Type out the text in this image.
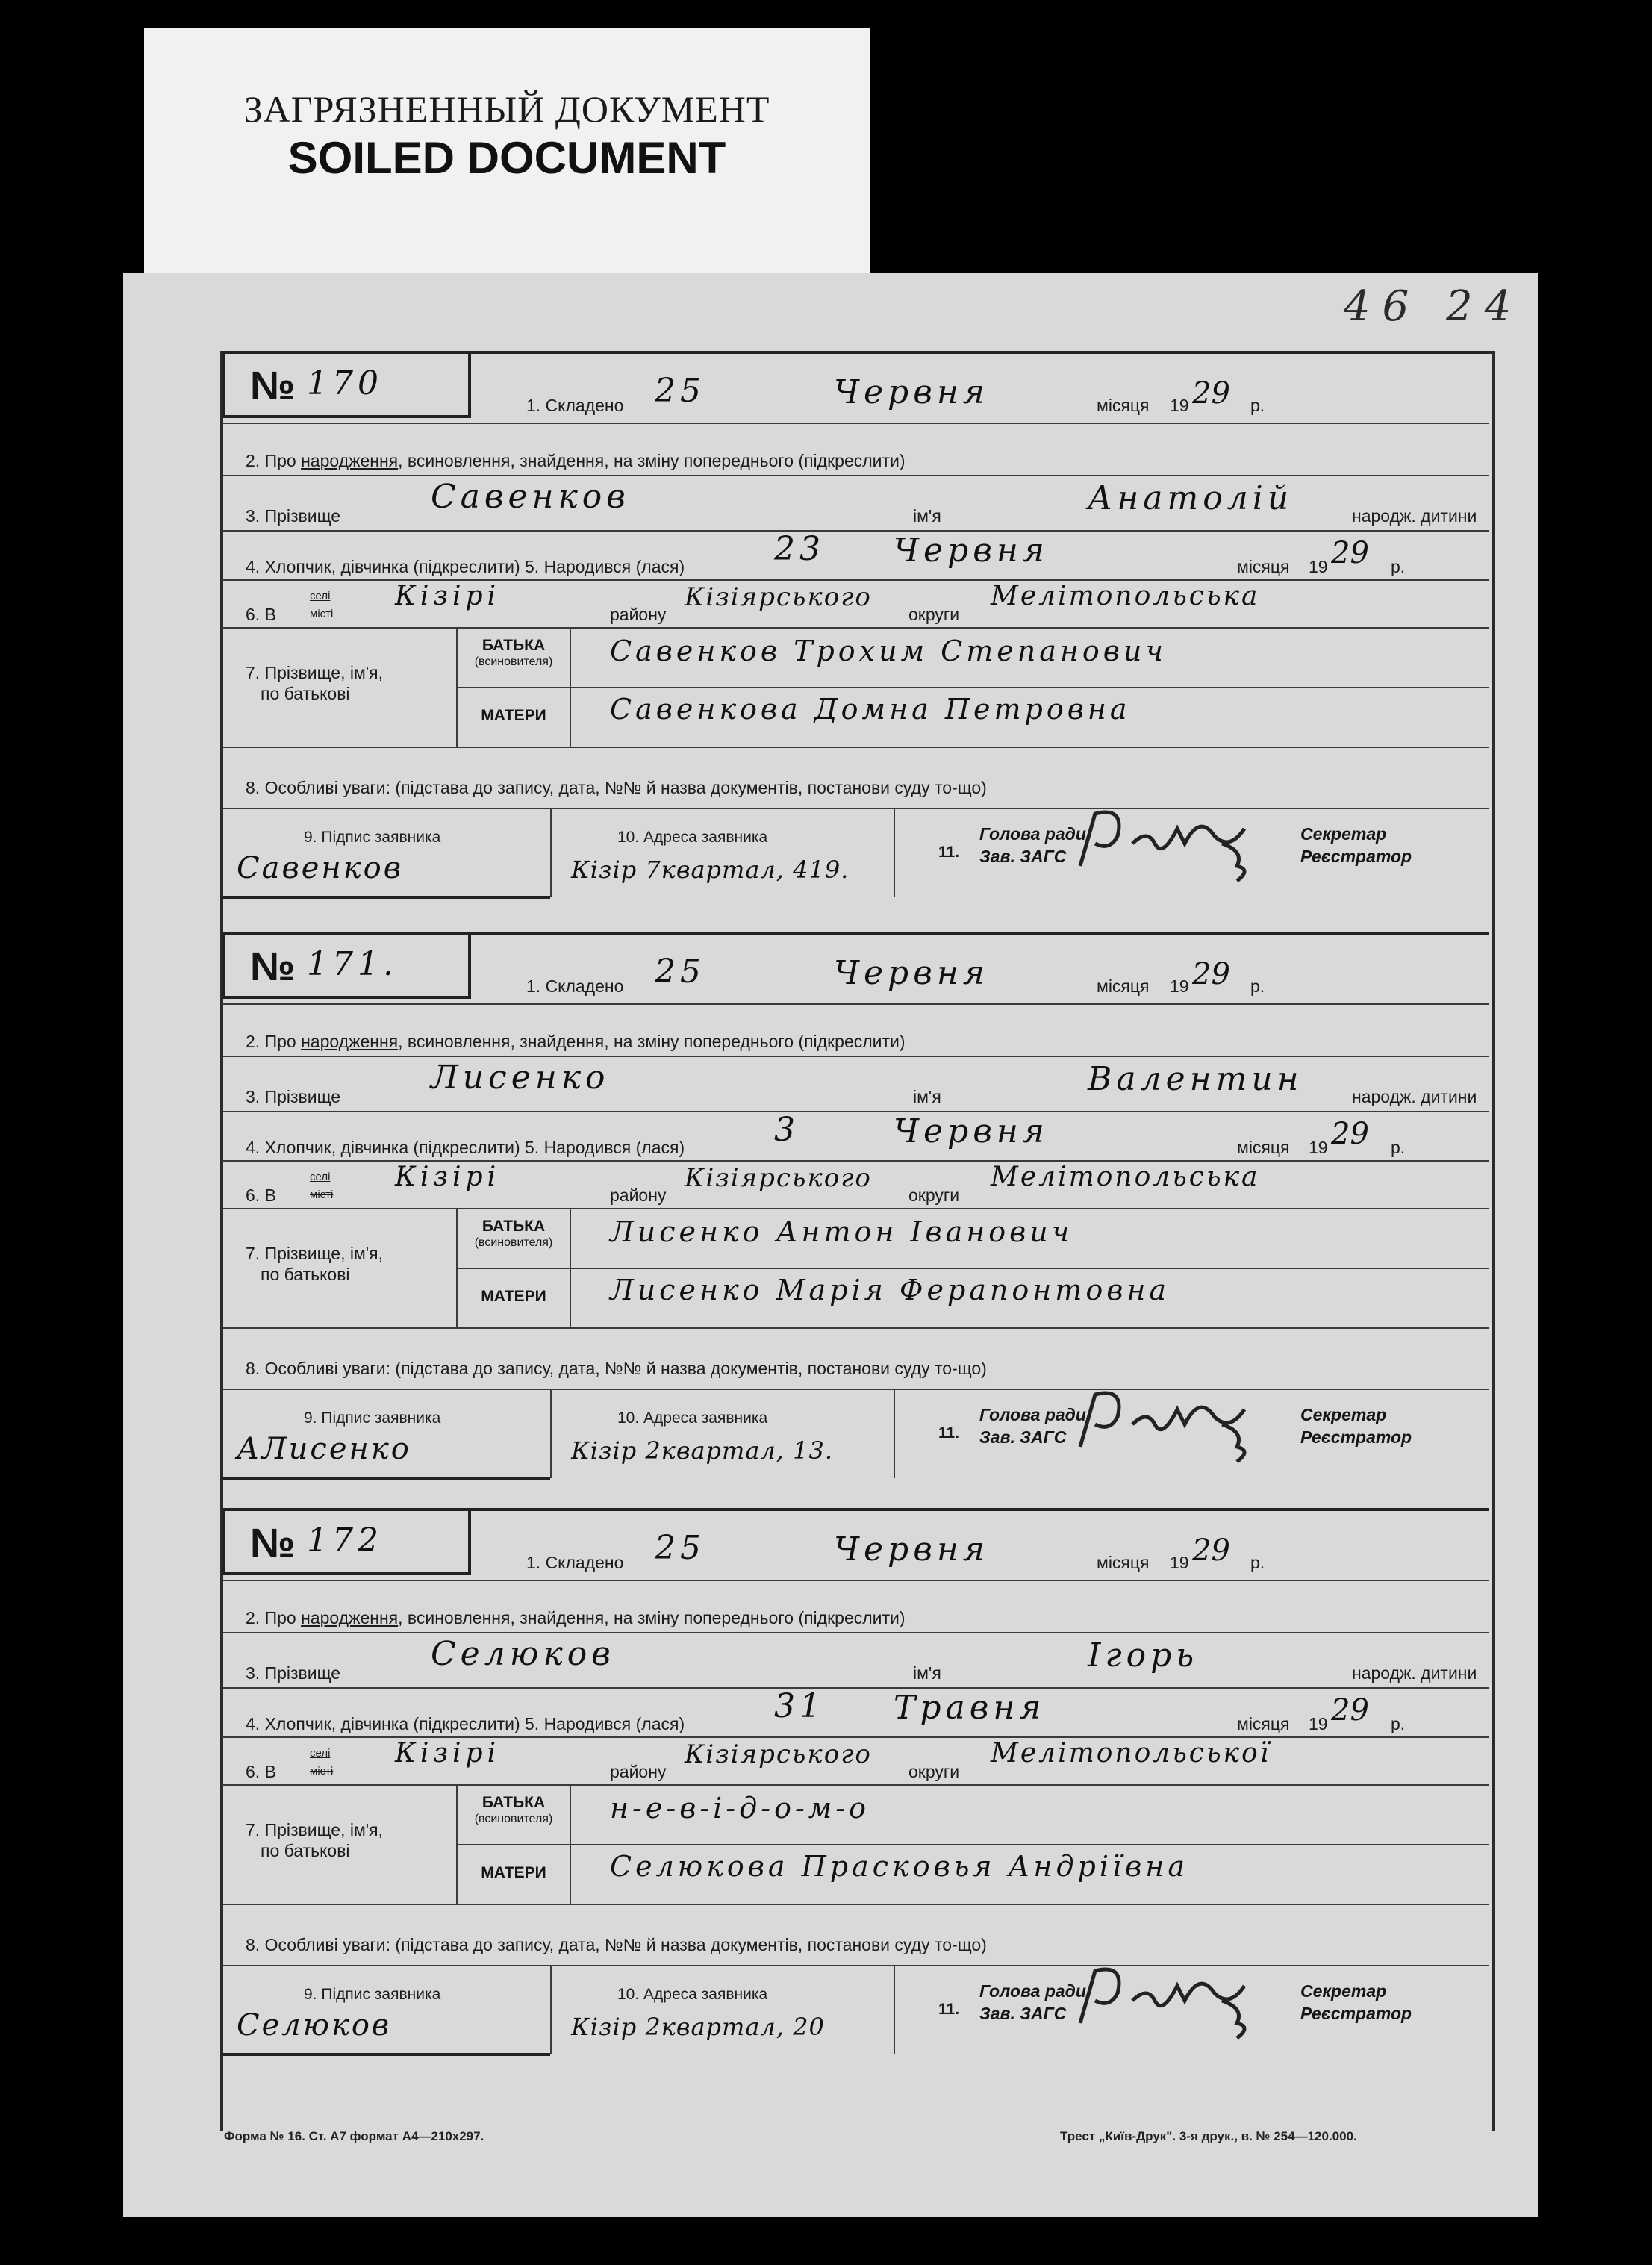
ЗАГРЯЗНЕННЫЙ ДОКУМЕНТ
SOILED DOCUMENT
46 24
№ 170
1. Складено 25	Червня	місяця 19 29 р.
2. Про народження, всиновлення, знайдення, на зміну попереднього (підкреслити)
3. Прізвище	Савенков	ім'я	Анатолій	народж. дитини
4. Хлопчик, дівчинка (підкреслити) 5. Народився (лася)	23 Червня	місяця 19 29 р.
6. В
селі
місті
Кізірі
району
Кізіярського
округи
Мелітопольська
7. Прізвище, ім'я,
по батькові
БАТЬКА
(всиновителя)	Савенков Трохим Степанович
МАТЕРИ	Савенкова Домна Петровна
8. Особливі уваги: (підстава до запису, дата, №№ й назва документів, постанови суду то-що)
9. Підпис заявника
Савенков
10. Адреса заявника
Кізір 7квартал, 419.
11.
Голова ради
Зав. ЗАГС
Секретар
Реєстратор
№ 171.
1. Складено 25	Червня	місяця 19 29 р.
2. Про народження, всиновлення, знайдення, на зміну попереднього (підкреслити)
3. Прізвище	Лисенко	ім'я	Валентин	народж. дитини
4. Хлопчик, дівчинка (підкреслити) 5. Народився (лася)	3	Червня	місяця 19 29 р.
6. В
селі
місті
Кізірі
району
Кізіярського
округи
Мелітопольська
7. Прізвище, ім'я,
по батькові
БАТЬКА
(всиновителя)	Лисенко Антон Іванович
МАТЕРИ	Лисенко Марія Ферапонтовна
8. Особливі уваги: (підстава до запису, дата, №№ й назва документів, постанови суду то-що)
9. Підпис заявника
АЛисенко
10. Адреса заявника
Кізір 2квартал, 13.
11.
Голова ради
Зав. ЗАГС
Секретар
Реєстратор
№ 172
1. Складено 25	Червня	місяця 19 29 р.
2. Про народження, всиновлення, знайдення, на зміну попереднього (підкреслити)
3. Прізвище	Селюков	ім'я	Ігорь	народж. дитини
4. Хлопчик, дівчинка (підкреслити) 5. Народився (лася)	31 Травня	місяця 19 29 р.
6. В
селі
місті
Кізірі
району
Кізіярського
округи
Мелітопольської
7. Прізвище, ім'я,
по батькові
БАТЬКА
(всиновителя)	н-е-в-і-д-о-м-о
МАТЕРИ	Селюкова Прасковья Андріївна
8. Особливі уваги: (підстава до запису, дата, №№ й назва документів, постанови суду то-що)
9. Підпис заявника
Селюков
10. Адреса заявника
Кізір 2квартал, 20
11.
Голова ради
Зав. ЗАГС
Секретар
Реєстратор
Форма № 16. Ст. А7 формат А4—210х297.	Трест „Київ-Друк". 3-я друк., в. № 254—120.000.
